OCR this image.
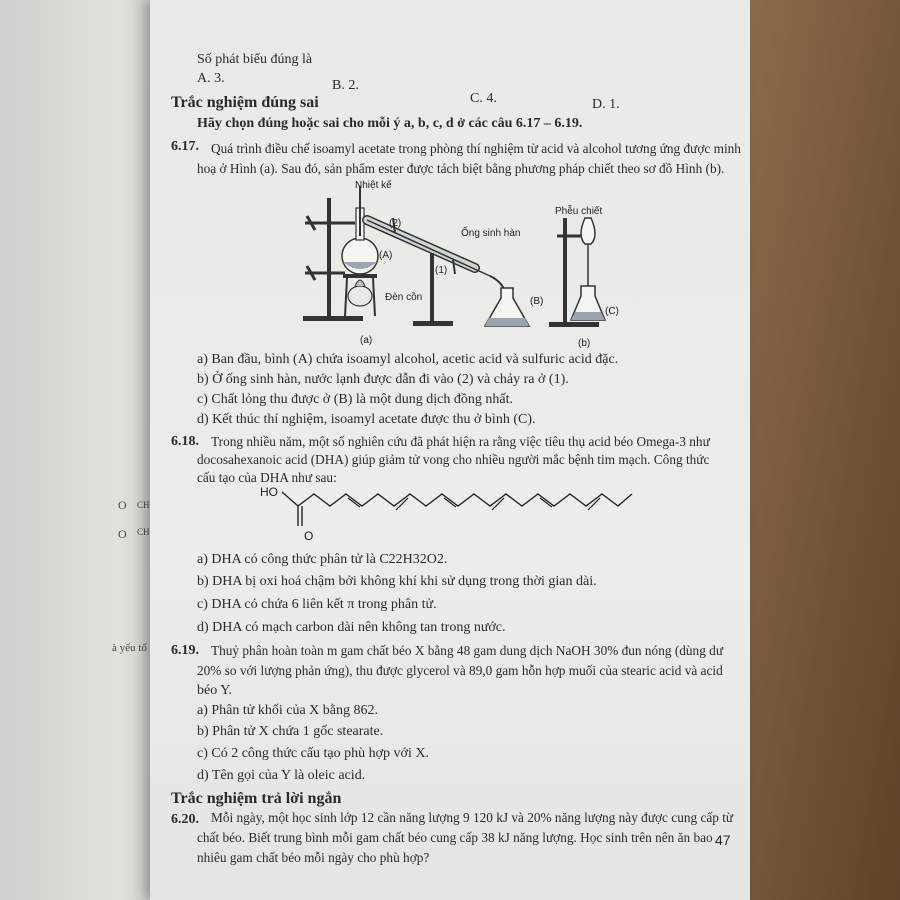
O CH
O CH
à yếu tố
Số phát biểu đúng là
A. 3.	B. 2.
C. 4.	D. 1.
Trắc nghiệm đúng sai
Hãy chọn đúng hoặc sai cho mỗi ý a, b, c, d ở các câu 6.17 – 6.19.
6.17. Quá trình điều chế isoamyl acetate trong phòng thí nghiệm từ acid và alcohol tương ứng được minh
hoạ ở Hình (a). Sau đó, sản phẩm ester được tách biệt bằng phương pháp chiết theo sơ đồ Hình (b).
Nhiệt kế
Ống sinh hàn
Đèn cồn
Phễu chiết
(A)
(B)
(C)
(1)
(2)
(a)	(b)
a) Ban đầu, bình (A) chứa isoamyl alcohol, acetic acid và sulfuric acid đặc.
b) Ở ống sinh hàn, nước lạnh được dẫn đi vào (2) và chảy ra ở (1).
c) Chất lỏng thu được ở (B) là một dung dịch đồng nhất.
d) Kết thúc thí nghiệm, isoamyl acetate được thu ở bình (C).
6.18. Trong nhiều năm, một số nghiên cứu đã phát hiện ra rằng việc tiêu thụ acid béo Omega-3 như
docosahexanoic acid (DHA) giúp giảm tử vong cho nhiều người mắc bệnh tim mạch. Công thức
cấu tạo của DHA như sau:
HO
O
a) DHA có công thức phân tử là C22H32O2.
b) DHA bị oxi hoá chậm bởi không khí khi sử dụng trong thời gian dài.
c) DHA có chứa 6 liên kết π trong phân tử.
d) DHA có mạch carbon dài nên không tan trong nước.
6.19. Thuỷ phân hoàn toàn m gam chất béo X bằng 48 gam dung dịch NaOH 30% đun nóng (dùng dư
20% so với lượng phản ứng), thu được glycerol và 89,0 gam hỗn hợp muối của stearic acid và acid
béo Y.
a) Phân tử khối của X bằng 862.
b) Phân tử X chứa 1 gốc stearate.
c) Có 2 công thức cấu tạo phù hợp với X.
d) Tên gọi của Y là oleic acid.
Trắc nghiệm trả lời ngắn
6.20. Mỗi ngày, một học sinh lớp 12 cần năng lượng 9 120 kJ và 20% năng lượng này được cung cấp từ
chất béo. Biết trung bình mỗi gam chất béo cung cấp 38 kJ năng lượng. Học sinh trên nên ăn bao
nhiêu gam chất béo mỗi ngày cho phù hợp?
47
